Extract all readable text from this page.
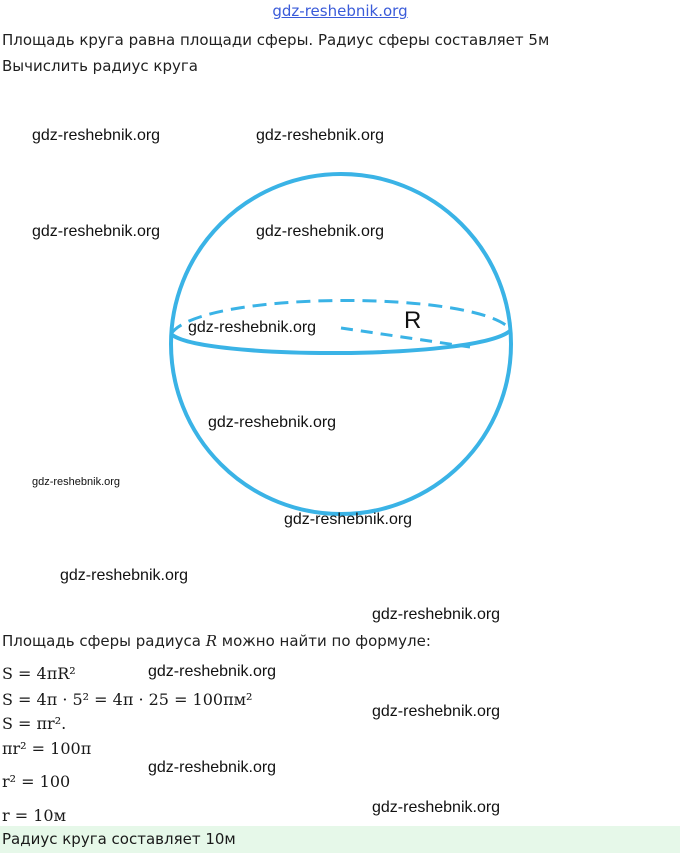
gdz-reshebnik.org
Площадь круга равна площади сферы. Радиус сферы составляет 5м
Вычислить радиус круга
R
gdz-reshebnik.org	gdz-reshebnik.org
gdz-reshebnik.org	gdz-reshebnik.org
gdz-reshebnik.org
gdz-reshebnik.org
gdz-reshebnik.org
gdz-reshebnik.org
gdz-reshebnik.org
gdz-reshebnik.org
gdz-reshebnik.org
gdz-reshebnik.org
gdz-reshebnik.org
gdz-reshebnik.org
Площадь сферы радиуса R можно найти по формуле:
S = 4πR²
S = 4π · 5² = 4π · 25 = 100πм²
S = πr².
πr² = 100π
r² = 100
r = 10м
Радиус круга составляет 10м
